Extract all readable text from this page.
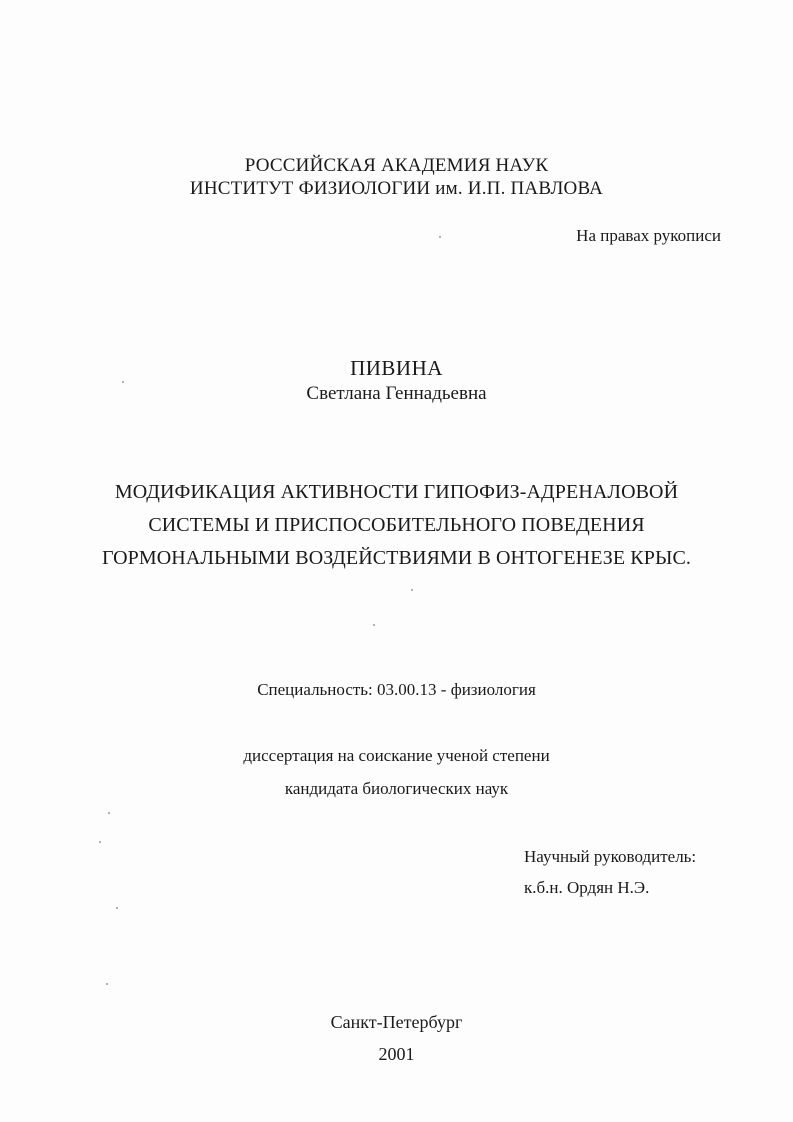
РОССИЙСКАЯ АКАДЕМИЯ НАУК
ИНСТИТУТ ФИЗИОЛОГИИ им. И.П. ПАВЛОВА
На правах рукописи
ПИВИНА
Светлана Геннадьевна
МОДИФИКАЦИЯ АКТИВНОСТИ ГИПОФИЗ-АДРЕНАЛОВОЙ
СИСТЕМЫ И ПРИСПОСОБИТЕЛЬНОГО ПОВЕДЕНИЯ
ГОРМОНАЛЬНЫМИ ВОЗДЕЙСТВИЯМИ В ОНТОГЕНЕЗЕ КРЫС.
Специальность: 03.00.13 - физиология
диссертация на соискание ученой степени
кандидата биологических наук
Научный руководитель:
к.б.н. Ордян Н.Э.
Санкт-Петербург
2001
